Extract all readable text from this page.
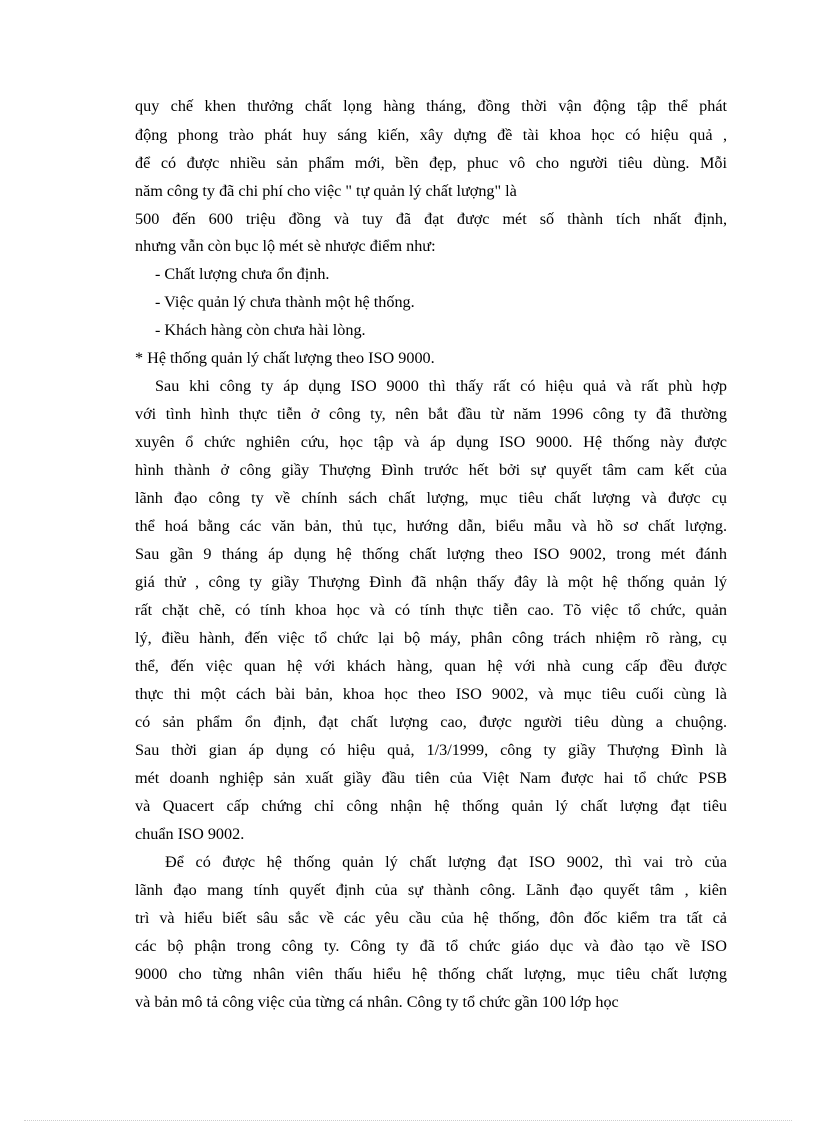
quy chế khen thưởng chất lọng hàng tháng, đồng thời vận động tập thể phát
động phong trào phát huy sáng kiến, xây dựng đề tài khoa học có hiệu quả ,
để có được nhiều sản phẩm mới, bền đẹp, phuc vô cho người tiêu dùng. Mỗi
năm công ty đã chi phí cho việc " tự quản lý chất lượng" là
500 đến 600 triệu đồng và tuy đã đạt được mét số thành tích nhất định,
nhưng vẫn còn bục lộ mét sè nhược điểm như:
- Chất lượng chưa ổn định.
- Việc quản lý chưa thành một hệ thống.
- Khách hàng còn chưa hài lòng.
* Hệ thống quản lý chất lượng theo ISO 9000.
Sau khi công ty áp dụng ISO 9000 thì thấy rất có hiệu quả và rất phù hợp
với tình hình thực tiễn ở công ty, nên bắt đầu từ năm 1996 công ty đã thường
xuyên ổ chức nghiên cứu, học tập và áp dụng ISO 9000. Hệ thống này được
hình thành ở công giầy Thượng Đình trước hết bởi sự quyết tâm cam kết của
lãnh đạo công ty về chính sách chất lượng, mục tiêu chất lượng và được cụ
thể hoá bằng các văn bản, thủ tục, hướng dẫn, biểu mẫu và hồ sơ chất lượng.
Sau gần 9 tháng áp dụng hệ thống chất lượng theo ISO 9002, trong mét đánh
giá thử , công ty giầy Thượng Đình đã nhận thấy đây là một hệ thống quản lý
rất chặt chẽ, có tính khoa học và có tính thực tiễn cao. Tõ việc tổ chức, quản
lý, điều hành, đến việc tổ chức lại bộ máy, phân công trách nhiệm rõ ràng, cụ
thể, đến việc quan hệ với khách hàng, quan hệ với nhà cung cấp đều được
thực thi một cách bài bản, khoa học theo ISO 9002, và mục tiêu cuối cùng là
có sản phẩm ổn định, đạt chất lượng cao, được người tiêu dùng a chuộng.
Sau thời gian áp dụng có hiệu quả, 1/3/1999, công ty giầy Thượng Đình là
mét doanh nghiệp sản xuất giầy đầu tiên của Việt Nam được hai tổ chức PSB
và Quacert cấp chứng chỉ công nhận hệ thống quản lý chất lượng đạt tiêu
chuẩn ISO 9002.
Để có được hệ thống quản lý chất lượng đạt ISO 9002, thì vai trò của
lãnh đạo mang tính quyết định của sự thành công. Lãnh đạo quyết tâm , kiên
trì và hiểu biết sâu sắc về các yêu cầu của hệ thống, đôn đốc kiểm tra tất cả
các bộ phận trong công ty. Công ty đã tổ chức giáo dục và đào tạo về ISO
9000 cho từng nhân viên thấu hiểu hệ thống chất lượng, mục tiêu chất lượng
và bản mô tả công việc của từng cá nhân. Công ty tổ chức gần 100 lớp học
